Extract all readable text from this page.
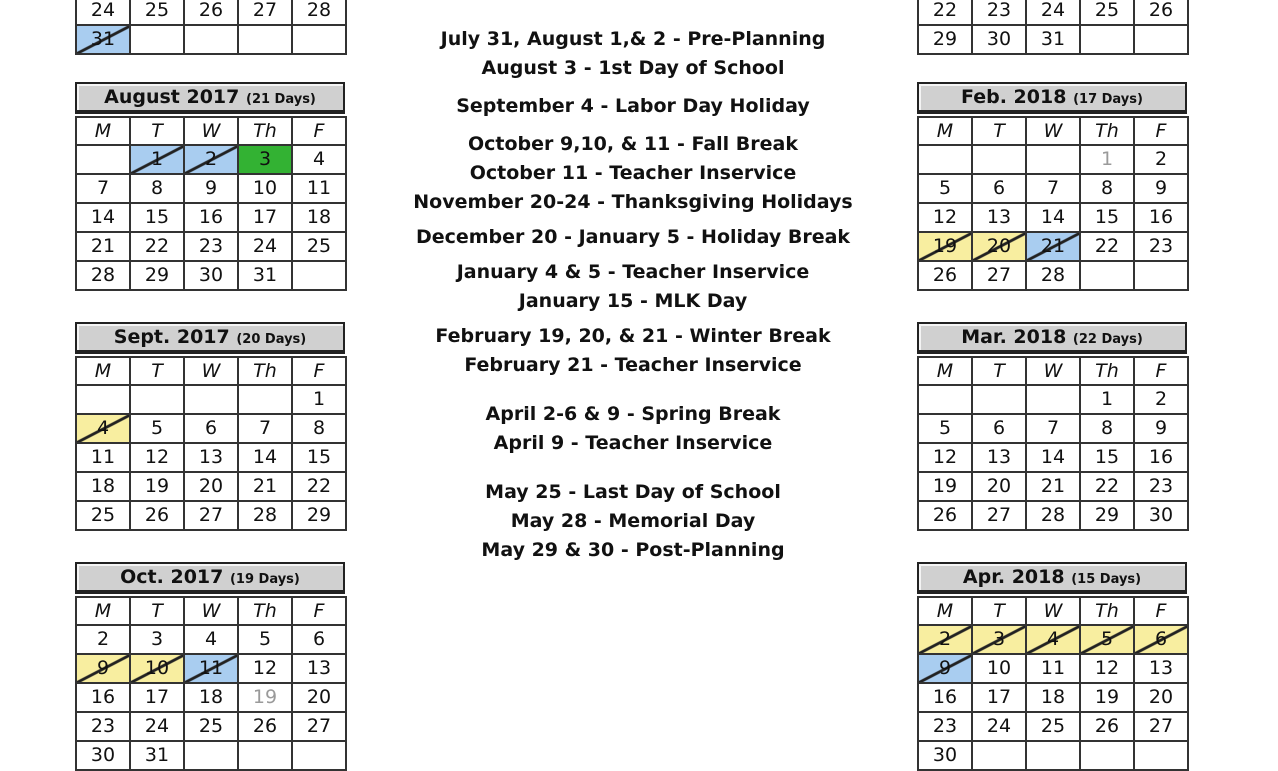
24	25	26	27	28
31				
22	23	24	25	26
29	30	31		
August 2017 (21 Days)
M	T	W	Th	F
	1	2	3	4
7	8	9	10	11
14	15	16	17	18
21	22	23	24	25
28	29	30	31	
Sept. 2017 (20 Days)
M	T	W	Th	F
				1
4	5	6	7	8
11	12	13	14	15
18	19	20	21	22
25	26	27	28	29
Oct. 2017 (19 Days)
M	T	W	Th	F
2	3	4	5	6
9	10	11	12	13
16	17	18	19	20
23	24	25	26	27
30	31			
Feb. 2018 (17 Days)
M	T	W	Th	F
			1	2
5	6	7	8	9
12	13	14	15	16
19	20	21	22	23
26	27	28		
Mar. 2018 (22 Days)
M	T	W	Th	F
			1	2
5	6	7	8	9
12	13	14	15	16
19	20	21	22	23
26	27	28	29	30
Apr. 2018 (15 Days)
M	T	W	Th	F
2	3	4	5	6
9	10	11	12	13
16	17	18	19	20
23	24	25	26	27
30				
July 31, August 1,& 2 - Pre-Planning
August 3 - 1st Day of School
September 4 - Labor Day Holiday
October 9,10, & 11 - Fall Break
October 11 - Teacher Inservice
November 20-24 - Thanksgiving Holidays
December 20 - January 5 - Holiday Break
January 4 & 5 - Teacher Inservice
January 15 - MLK Day
February 19, 20, & 21 - Winter Break
February 21 - Teacher Inservice
April 2-6 & 9 - Spring Break
April 9 - Teacher Inservice
May 25 - Last Day of School
May 28 - Memorial Day
May 29 & 30 - Post-Planning
